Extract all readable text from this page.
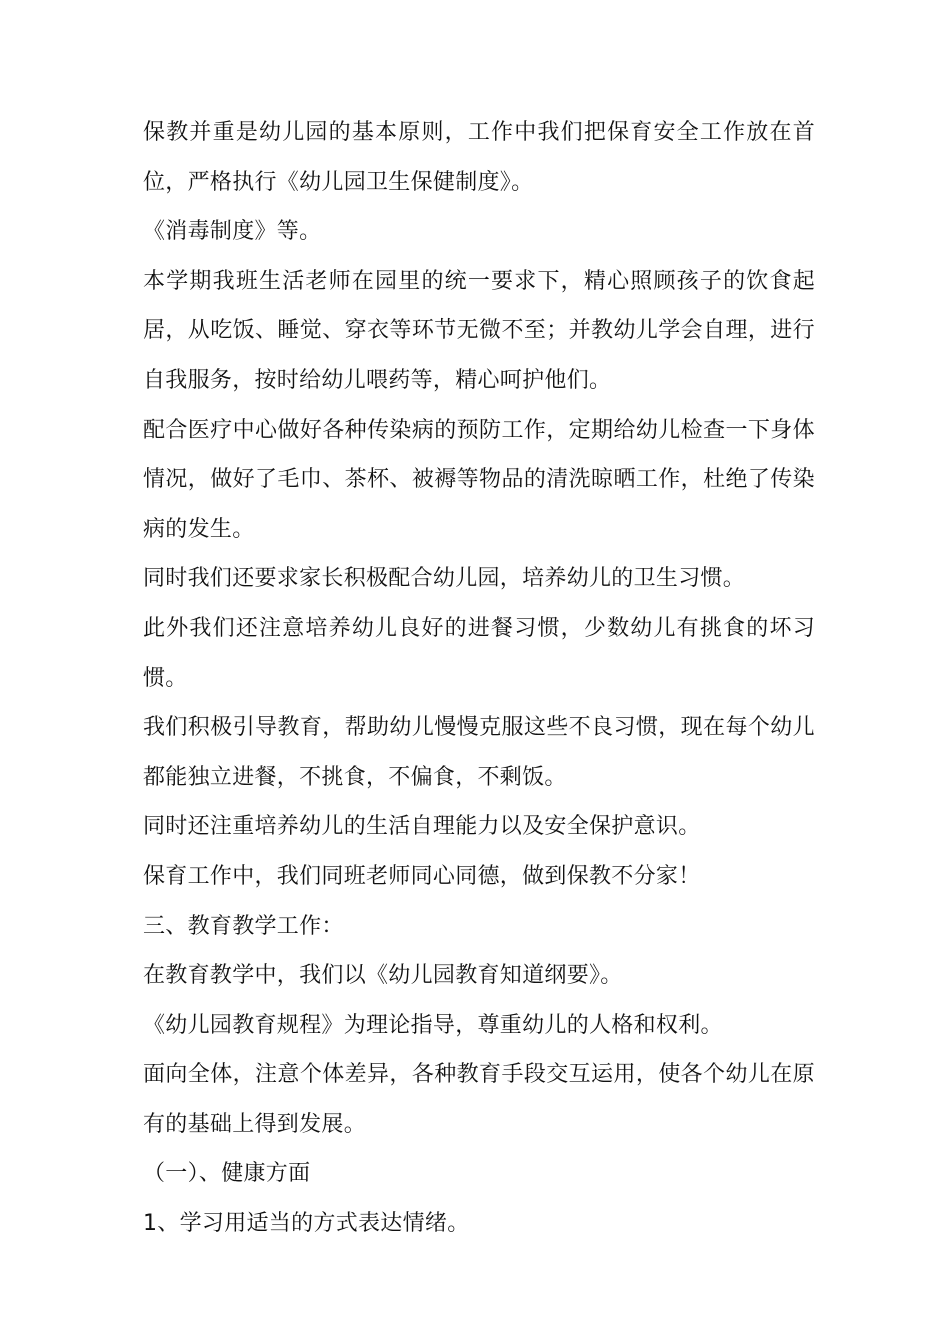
保教并重是幼儿园的基本原则，工作中我们把保育安全工作放在首位，严格执行《幼儿园卫生保健制度》。

《消毒制度》等。

本学期我班生活老师在园里的统一要求下，精心照顾孩子的饮食起居，从吃饭、睡觉、穿衣等环节无微不至；并教幼儿学会自理，进行自我服务，按时给幼儿喂药等，精心呵护他们。

配合医疗中心做好各种传染病的预防工作，定期给幼儿检查一下身体情况，做好了毛巾、茶杯、被褥等物品的清洗晾晒工作，杜绝了传染病的发生。

同时我们还要求家长积极配合幼儿园，培养幼儿的卫生习惯。

此外我们还注意培养幼儿良好的进餐习惯，少数幼儿有挑食的坏习惯。

我们积极引导教育，帮助幼儿慢慢克服这些不良习惯，现在每个幼儿都能独立进餐，不挑食，不偏食，不剩饭。

同时还注重培养幼儿的生活自理能力以及安全保护意识。

保育工作中，我们同班老师同心同德，做到保教不分家！

三、教育教学工作：

在教育教学中，我们以《幼儿园教育知道纲要》。

《幼儿园教育规程》为理论指导，尊重幼儿的人格和权利。

面向全体，注意个体差异，各种教育手段交互运用，使各个幼儿在原有的基础上得到发展。

（一）、健康方面

1、学习用适当的方式表达情绪。
